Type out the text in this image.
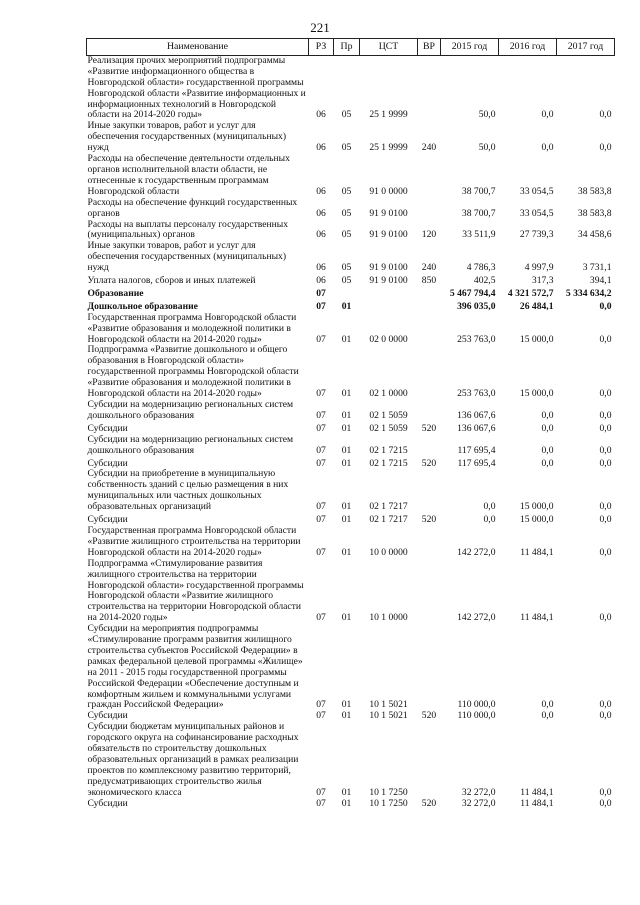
221
Наименование	РЗ	Пр	ЦСТ	ВР	2015 год	2016 год	2017 год
Реализация прочих мероприятий подпрограммы «Развитие информационного общества в Новгородской области» государственной программы Новгородской области «Развитие информационных и информационных технологий в Новгородской области на 2014-2020 годы»	06	05	25 1 9999		50,0	0,0	0,0
Иные закупки товаров, работ и услуг для обеспечения государственных (муниципальных) нужд	06	05	25 1 9999	240	50,0	0,0	0,0
Расходы на обеспечение деятельности отдельных органов исполнительной власти области, не отнесенные к государственным программам Новгородской области	06	05	91 0 0000		38 700,7	33 054,5	38 583,8
Расходы на обеспечение функций государственных органов	06	05	91 9 0100		38 700,7	33 054,5	38 583,8
Расходы на выплаты персоналу государственных (муниципальных) органов	06	05	91 9 0100	120	33 511,9	27 739,3	34 458,6
Иные закупки товаров, работ и услуг для обеспечения государственных (муниципальных) нужд	06	05	91 9 0100	240	4 786,3	4 997,9	3 731,1
Уплата налогов, сборов и иных платежей	06	05	91 9 0100	850	402,5	317,3	394,1
Образование	07				5 467 794,4	4 321 572,7	5 334 634,2
Дошкольное образование	07	01			396 035,0	26 484,1	0,0
Государственная программа Новгородской области «Развитие образования и молодежной политики в Новгородской области на 2014-2020 годы»	07	01	02 0 0000		253 763,0	15 000,0	0,0
Подпрограмма «Развитие дошкольного и общего образования в Новгородской области» государственной программы Новгородской области «Развитие образования и молодежной политики в Новгородской области на 2014-2020 годы»	07	01	02 1 0000		253 763,0	15 000,0	0,0
Субсидии на модернизацию региональных систем дошкольного образования	07	01	02 1 5059		136 067,6	0,0	0,0
Субсидии	07	01	02 1 5059	520	136 067,6	0,0	0,0
Субсидии на модернизацию региональных систем дошкольного образования	07	01	02 1 7215		117 695,4	0,0	0,0
Субсидии	07	01	02 1 7215	520	117 695,4	0,0	0,0
Субсидии на приобретение в муниципальную собственность зданий с целью размещения в них муниципальных или частных дошкольных образовательных организаций	07	01	02 1 7217		0,0	15 000,0	0,0
Субсидии	07	01	02 1 7217	520	0,0	15 000,0	0,0
Государственная программа Новгородской области «Развитие жилищного строительства на территории Новгородской области на 2014-2020 годы»	07	01	10 0 0000		142 272,0	11 484,1	0,0
Подпрограмма «Стимулирование развития жилищного строительства на территории Новгородской области» государственной программы Новгородской области «Развитие жилищного строительства на территории Новгородской области на 2014-2020 годы»	07	01	10 1 0000		142 272,0	11 484,1	0,0
Субсидии на мероприятия подпрограммы «Стимулирование программ развития жилищного строительства субъектов Российской Федерации» в рамках федеральной целевой программы «Жилище» на 2011 - 2015 годы государственной программы Российской Федерации «Обеспечение доступным и комфортным жильем и коммунальными услугами граждан Российской Федерации»	07	01	10 1 5021		110 000,0	0,0	0,0
Субсидии	07	01	10 1 5021	520	110 000,0	0,0	0,0
Субсидии бюджетам муниципальных районов и городского округа на софинансирование расходных обязательств по строительству дошкольных образовательных организаций в рамках реализации проектов по комплексному развитию территорий, предусматривающих строительство жилья экономического класса	07	01	10 1 7250		32 272,0	11 484,1	0,0
Субсидии	07	01	10 1 7250	520	32 272,0	11 484,1	0,0
